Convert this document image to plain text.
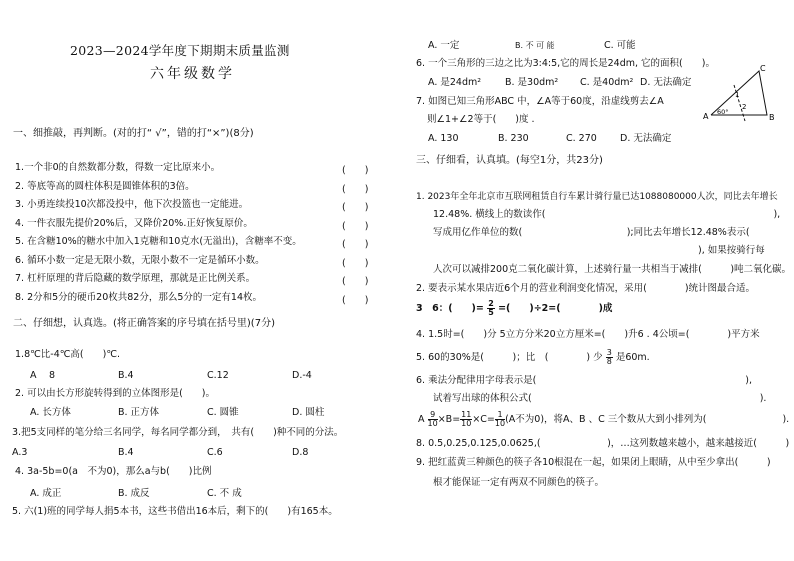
2023—2024学年度下期期末质量监测
六年级数学
一、细推敲，再判断。(对的打“ √”，错的打“×”)(8分)
1.一个非0的自然数都分数，得数一定比原来小。	(　　)
2. 等底等高的圆柱体积是圆锥体积的3倍。	(　　)
3. 小勇连续投10次都没投中，他下次投篮也一定能进。	(　　)
4. 一件衣服先提价20%后，又降价20%.正好恢复原价。	(　　)
5. 在含糖10%的糖水中加入1克糖和10克水(无溢出)，含糖率不变。	(　　)
6. 循环小数一定是无限小数，无限小数不一定是循环小数。	(　　)
7. 杠杆原理的背后隐藏的数学原理，那就是正比例关系。	(　　)
8. 2分和5分的硬币20枚共82分，那么5分的一定有14枚。	(　　)
二、仔细想，认真选。(将正确答案的序号填在括号里)(7分)
1.8℃比-4℃高(　　)℃.
A　 8	B.4	C.12	D.-4
2. 可以由长方形旋转得到的立体图形是(　　)。
A. 长方体	B. 正方体	C. 圆锥	D. 圆柱
3.把5支同样的笔分给三名同学，每名同学都分到，　共有(　　)种不同的分法。
A.3	B.4	C.6	D.8
4. 3a-5b=0(a　不为0)，那么a与b(　　)比例
A. 成正	B. 成反	C. 不 成
5. 六(1)班的同学每人捐5本书，这些书借出16本后，剩下的(　　)有165本。
A. 一定	B. 不 可 能	C. 可能
6. 一个三角形的三边之比为3:4:5,它的周长是24dm, 它的面积(　　)。
A. 是24dm²	B. 是30dm² C. 是40dm² D. 无法确定
7. 如图已知三角形ABC 中，∠A等于60度，沿虚线剪去∠A
则∠1+∠2等于(　　)度 .
A. 130	B. 230	C. 270 D. 无法确定
A	B
C
60°
1
2
三、仔细看，认真填。(每空1分，共23分)
1. 2023年全年北京市互联网租赁自行车累计骑行量已达1088080000人次，同比去年增长
12.48%. 横线上的数读作(　　　　　　　　　　　　　　　　　　　　　　　　),
写成用亿作单位的数(　　　　　　　　　　　);同比去年增长12.48%表示(
), 如果按骑行每
人次可以减排200克二氧化碳计算，上述骑行量一共相当于减排(　　　)吨二氧化碳。
2. 要表示某水果店近6个月的营业利润变化情况，采用(　　　　)统计图最合适。
3　6：(　　)= $\frac{2}{5}$ =(　　)÷2=(　　　　)成
4. 1.5时=(　　)分 5立方分米20立方厘米=(　　)升6 . 4公顷=(　　　　)平方米
5. 60的30%是(　　　)；比　(　　　　) 少 $\frac{3}{8}$ 是60m.
6. 乘法分配律用字母表示是(　　　　　　　　　　　　　　　　　　　　　　),
试着写出球的体积公式(　　　　　　　　　　　　　　　　　　　　　　　　).
A $\frac{9}{10} \times B= \frac{11}{10} \times C= \frac{1}{10} (A$不为0)，将A、B 、C 三个数从大到小排列为(　　　　　　　　).
8. 0.5,0.25,0.125,0.0625,(　　　　　　　)，…这列数越来越小，越来越接近(　　　)
9. 把红蓝黄三种颜色的筷子各10根混在一起，如果闭上眼睛，从中至少拿出(　　　)
根才能保证一定有两双不同颜色的筷子。
